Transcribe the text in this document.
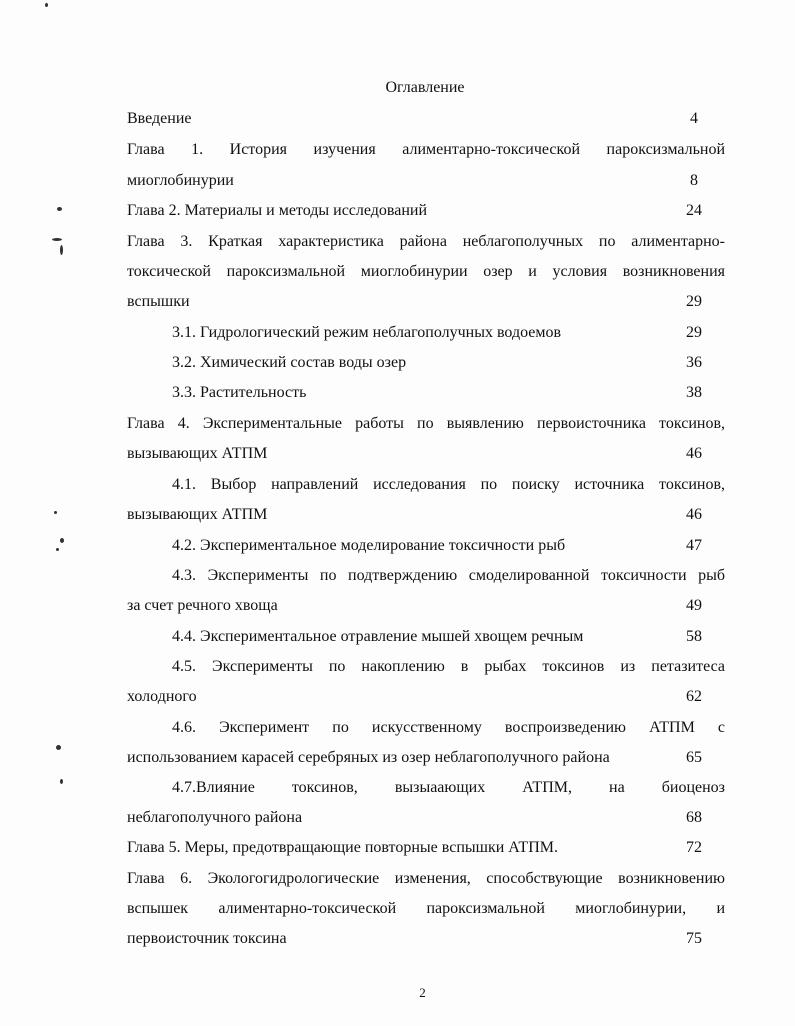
Оглавление
Введение	4
Глава 1. История изучения алиментарно-токсической пароксизмальной
миоглобинурии	8
Глава 2. Материалы и методы исследований	24
Глава 3. Краткая характеристика района неблагополучных по алиментарно-
токсической пароксизмальной миоглобинурии озер и условия возникновения
вспышки	29
3.1. Гидрологический режим неблагополучных водоемов	29
3.2. Химический состав воды озер	36
3.3. Растительность	38
Глава 4. Экспериментальные работы по выявлению первоисточника токсинов,
вызывающих АТПМ	46
4.1. Выбор направлений исследования по поиску источника токсинов,
вызывающих АТПМ	46
4.2. Экспериментальное моделирование токсичности рыб	47
4.3. Эксперименты по подтверждению смоделированной токсичности рыб
за счет речного хвоща	49
4.4. Экспериментальное отравление мышей хвощем речным	58
4.5. Эксперименты по накоплению в рыбах токсинов из петазитеса
холодного	62
4.6. Эксперимент по искусственному воспроизведению АТПМ с
использованием карасей серебряных из озер неблагополучного района	65
4.7.Влияние токсинов, вызыаающих АТПМ, на биоценоз
неблагополучного района	68
Глава 5. Меры, предотвращающие повторные вспышки АТПМ.	72
Глава 6. Экологогидрологические изменения, способствующие возникновению
вспышек алиментарно-токсической пароксизмальной миоглобинурии, и
первоисточник токсина	75
2
